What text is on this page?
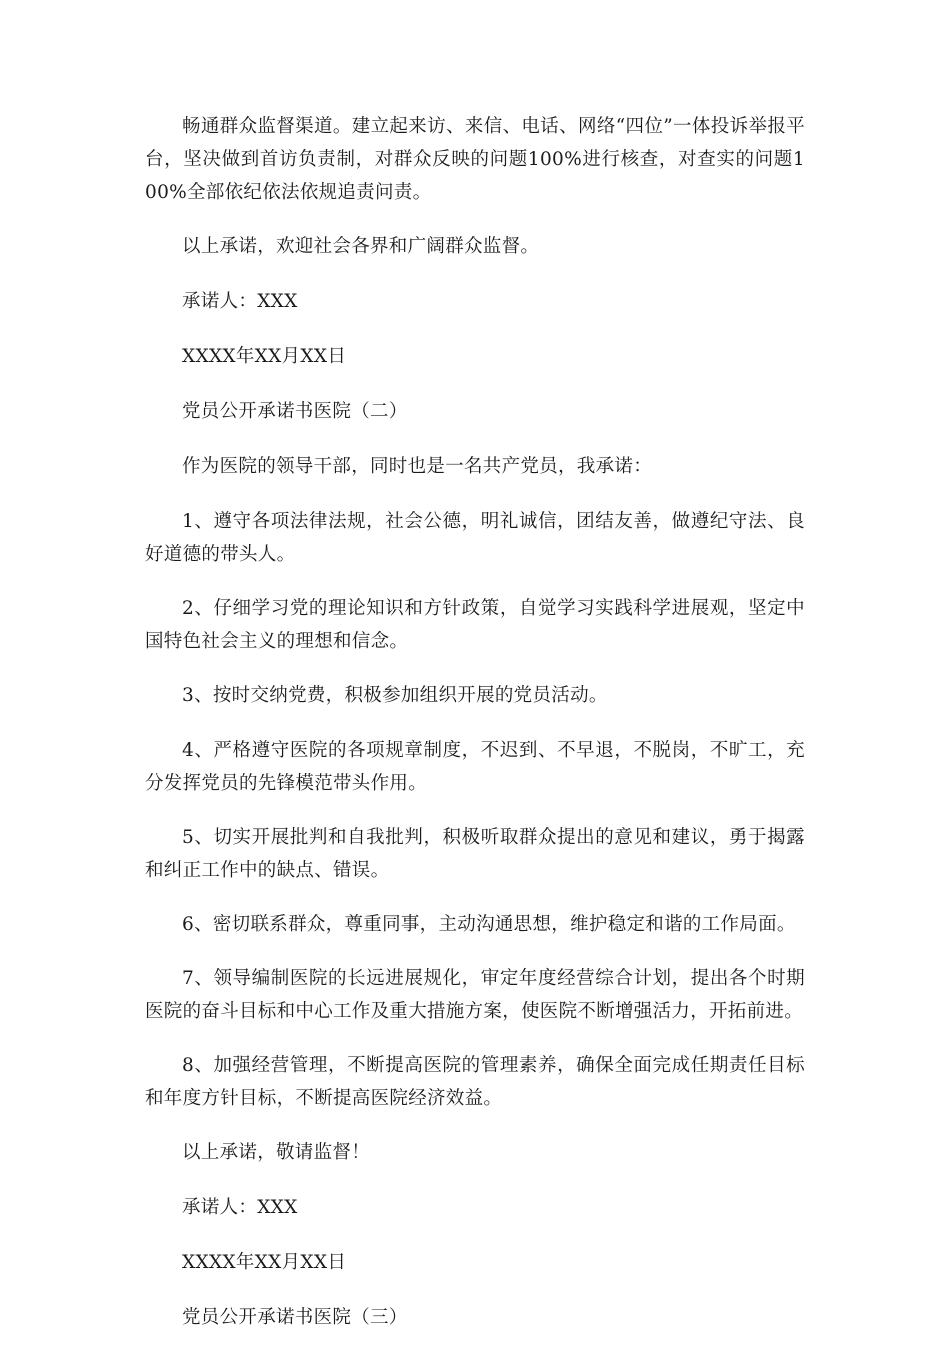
畅通群众监督渠道。建立起来访、来信、电话、网络“四位”一体投诉举报平台，坚决做到首访负责制，对群众反映的问题100%进行核查，对查实的问题100%全部依纪依法依规追责问责。

以上承诺，欢迎社会各界和广阔群众监督。

承诺人：XXX

XXXX年XX月XX日

党员公开承诺书医院（二）

作为医院的领导干部，同时也是一名共产党员，我承诺：

1、遵守各项法律法规，社会公德，明礼诚信，团结友善，做遵纪守法、良好道德的带头人。

2、仔细学习党的理论知识和方针政策，自觉学习实践科学进展观，坚定中国特色社会主义的理想和信念。

3、按时交纳党费，积极参加组织开展的党员活动。

4、严格遵守医院的各项规章制度，不迟到、不早退，不脱岗，不旷工，充分发挥党员的先锋模范带头作用。

5、切实开展批判和自我批判，积极听取群众提出的意见和建议，勇于揭露和纠正工作中的缺点、错误。

6、密切联系群众，尊重同事，主动沟通思想，维护稳定和谐的工作局面。

7、领导编制医院的长远进展规化，审定年度经营综合计划，提出各个时期医院的奋斗目标和中心工作及重大措施方案，使医院不断增强活力，开拓前进。

8、加强经营管理，不断提高医院的管理素养，确保全面完成任期责任目标和年度方针目标，不断提高医院经济效益。

以上承诺，敬请监督！

承诺人：XXX

XXXX年XX月XX日

党员公开承诺书医院（三）
